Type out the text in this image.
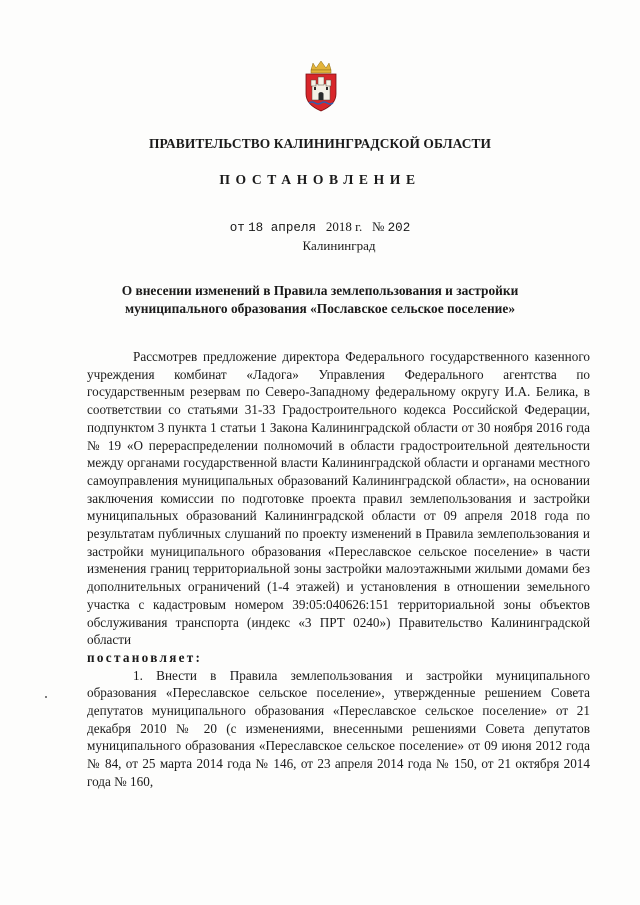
ПРАВИТЕЛЬСТВО КАЛИНИНГРАДСКОЙ ОБЛАСТИ
ПОСТАНОВЛЕНИЕ
от 18 апреля 2018 г. № 202
Калининград
О внесении изменений в Правила землепользования и застройки
муниципального образования «Пославское сельское поселение»

Рассмотрев предложение директора Федерального государственного казенного учреждения комбинат «Ладога» Управления Федерального агентства по государственным резервам по Северо-Западному федеральному округу И.А. Белика, в соответствии со статьями 31-33 Градостроительного кодекса Российской Федерации, подпунктом 3 пункта 1 статьи 1 Закона Калининградской области от 30 ноября 2016 года № 19 «О перераспределении полномочий в области градостроительной деятельности между органами государственной власти Калининградской области и органами местного самоуправления муниципальных образований Калининградской области», на основании заключения комиссии по подготовке проекта правил землепользования и застройки муниципальных образований Калининградской области от 09 апреля 2018 года по результатам публичных слушаний по проекту изменений в Правила землепользования и застройки муниципального образования «Переславское сельское поселение» в части изменения границ территориальной зоны застройки малоэтажными жилыми домами без дополнительных ограничений (1-4 этажей) и установления в отношении земельного участка с кадастровым номером 39:05:040626:151 территориальной зоны объектов обслуживания транспорта (индекс «3 ПРТ 0240») Правительство Калининградской области

постановляет:

1. Внести в Правила землепользования и застройки муниципального образования «Переславское сельское поселение», утвержденные решением Совета депутатов муниципального образования «Переславское сельское поселение» от 21 декабря 2010 № 20 (с изменениями, внесенными решениями Совета депутатов муниципального образования «Переславское сельское поселение» от 09 июня 2012 года № 84, от 25 марта 2014 года № 146, от 23 апреля 2014 года № 150, от 21 октября 2014 года № 160,
